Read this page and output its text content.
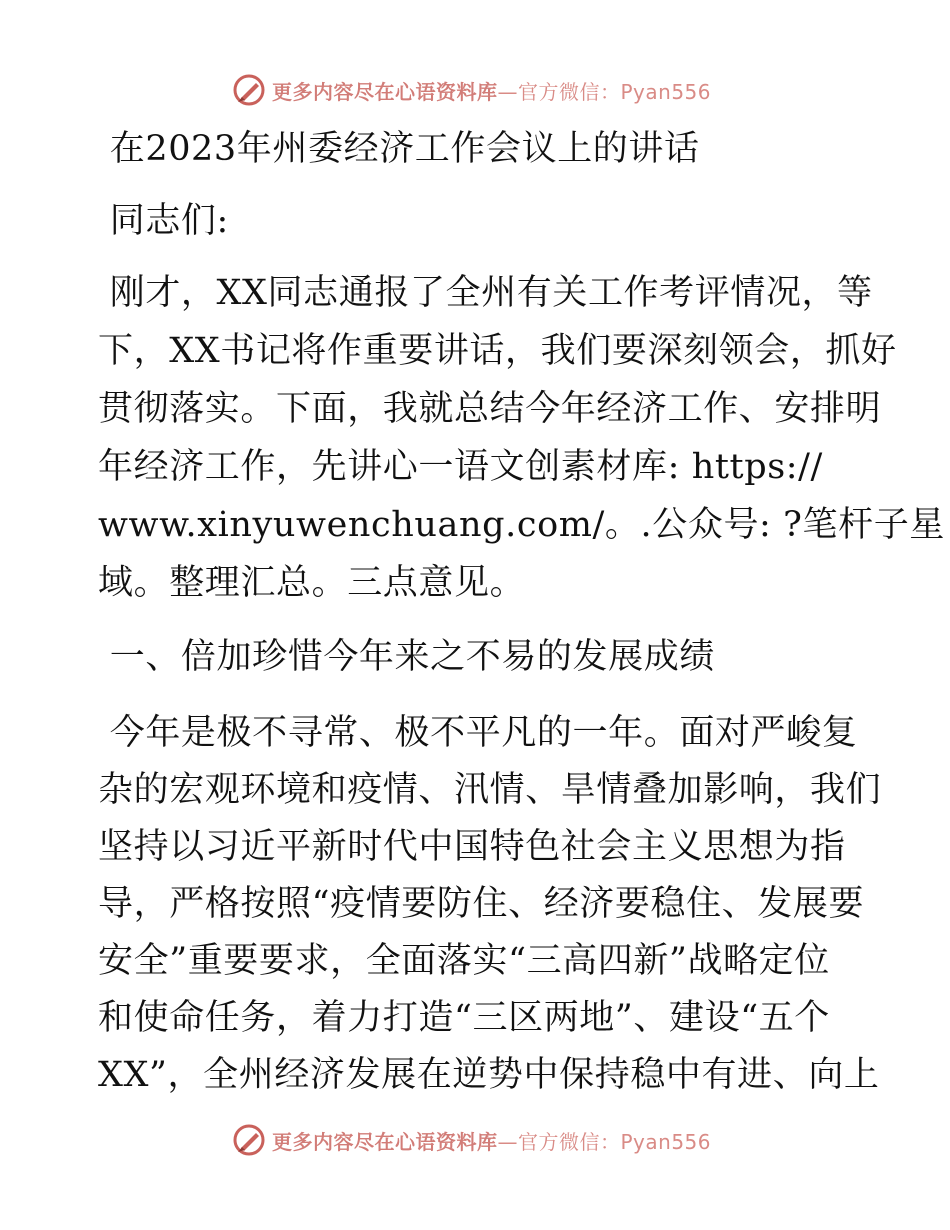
更多内容尽在心语资料库—官方微信：Pyan556
在2023年州委经济工作会议上的讲话
同志们:
刚才，XX同志通报了全州有关工作考评情况，等
下，XX书记将作重要讲话，我们要深刻领会，抓好
贯彻落实。下面，我就总结今年经济工作、安排明
年经济工作，先讲心一语文创素材库: https://
www.xinyuwenchuang.com/。.公众号: ?笔杆子星
域。整理汇总。三点意见。
一、倍加珍惜今年来之不易的发展成绩
今年是极不寻常、极不平凡的一年。面对严峻复
杂的宏观环境和疫情、汛情、旱情叠加影响，我们
坚持以习近平新时代中国特色社会主义思想为指
导，严格按照“疫情要防住、经济要稳住、发展要
安全”重要要求，全面落实“三高四新”战略定位
和使命任务，着力打造“三区两地”、建设“五个
XX”，全州经济发展在逆势中保持稳中有进、向上
更多内容尽在心语资料库—官方微信：Pyan556
